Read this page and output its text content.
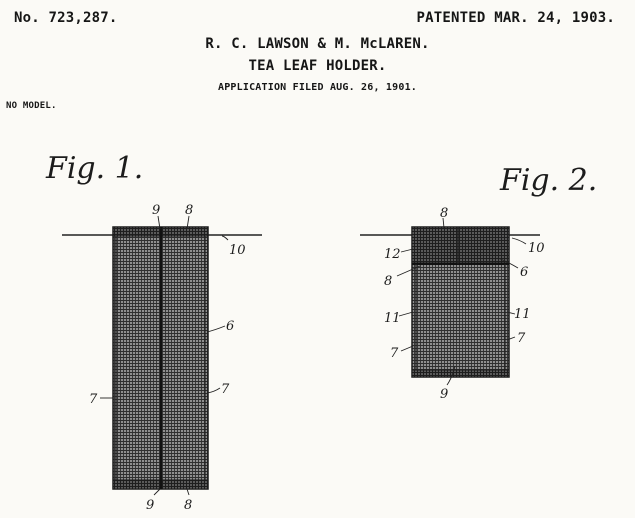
No. 723,287.	PATENTED MAR. 24, 1903.
R. C. LAWSON & M. McLAREN.
TEA LEAF HOLDER.
APPLICATION FILED AUG. 26, 1901.
NO MODEL.
Fig. 1.
9 8
10
6
7
7
9 8
Fig. 2.
8
12	10
8
6
11	11
7
7
9
